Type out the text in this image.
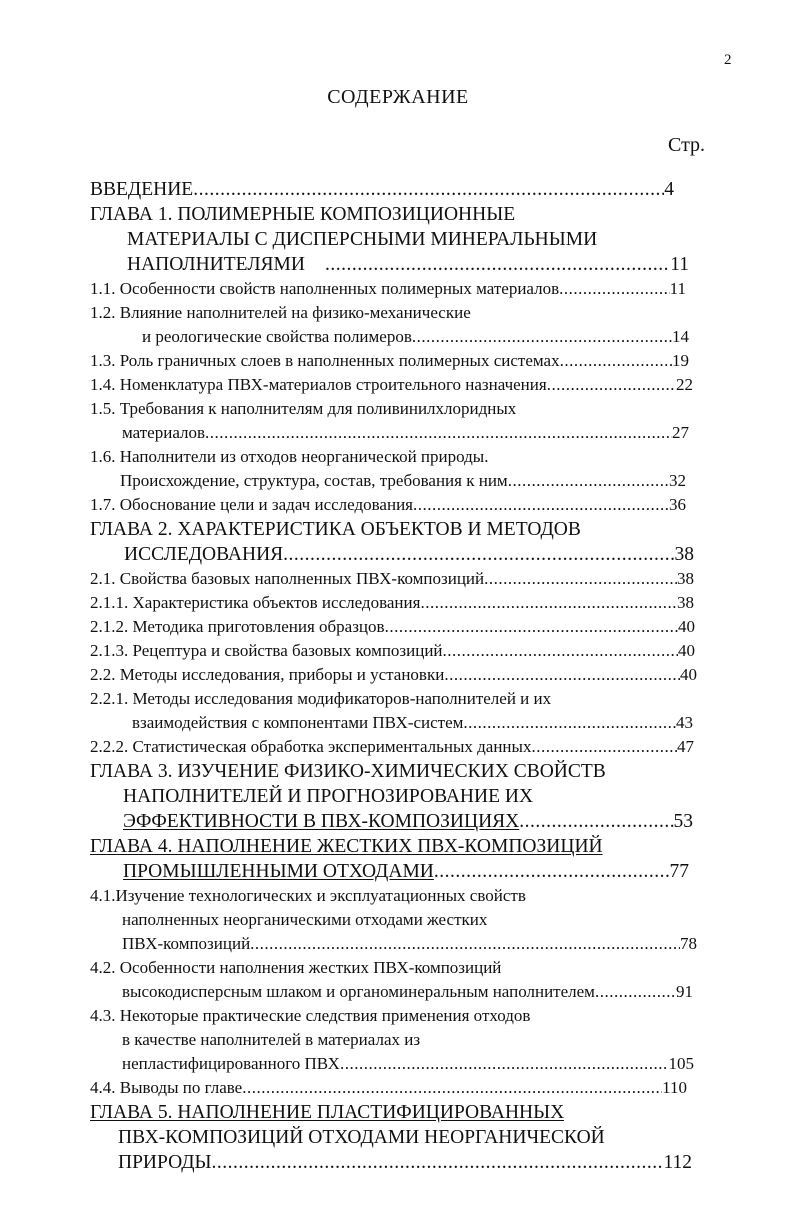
2
СОДЕРЖАНИЕ
Стр.
ВВЕДЕНИЕ .....	4
ГЛАВА 1. ПОЛИМЕРНЫЕ КОМПОЗИЦИОННЫЕ
МАТЕРИАЛЫ С ДИСПЕРСНЫМИ МИНЕРАЛЬНЫМИ
НАПОЛНИТЕЛЯМИ .....	11
1.1. Особенности свойств наполненных полимерных материалов .....	11
1.2. Влияние наполнителей на физико-механические
и реологические свойства полимеров .....	14
1.3. Роль граничных слоев в наполненных полимерных системах .....	19
1.4. Номенклатура ПВХ-материалов строительного назначения .....	22
1.5. Требования к наполнителям для поливинилхлоридных
материалов .....	27
1.6. Наполнители из отходов неорганической природы.
Происхождение, структура, состав, требования к ним .....	32
1.7. Обоснование цели и задач исследования .....	36
ГЛАВА 2. ХАРАКТЕРИСТИКА ОБЪЕКТОВ И МЕТОДОВ
ИССЛЕДОВАНИЯ .....	38
2.1. Свойства базовых наполненных ПВХ-композиций .....	38
2.1.1. Характеристика объектов исследования .....	38
2.1.2. Методика приготовления образцов .....	40
2.1.3. Рецептура и свойства базовых композиций .....	40
2.2. Методы исследования, приборы и установки .....	40
2.2.1. Методы исследования модификаторов-наполнителей и их
взаимодействия с компонентами ПВХ-систем .....	43
2.2.2. Статистическая обработка экспериментальных данных .....	47
ГЛАВА 3. ИЗУЧЕНИЕ ФИЗИКО-ХИМИЧЕСКИХ СВОЙСТВ
НАПОЛНИТЕЛЕЙ И ПРОГНОЗИРОВАНИЕ ИХ
ЭФФЕКТИВНОСТИ В ПВХ-КОМПОЗИЦИЯХ .....	53
ГЛАВА 4. НАПОЛНЕНИЕ ЖЕСТКИХ ПВХ-КОМПОЗИЦИЙ
ПРОМЫШЛЕННЫМИ ОТХОДАМИ .....	77
4.1.Изучение технологических и эксплуатационных свойств
наполненных неорганическими отходами жестких
ПВХ-композиций .....	78
4.2. Особенности наполнения жестких ПВХ-композиций
высокодисперсным шлаком и органоминеральным наполнителем .....	91
4.3. Некоторые практические следствия применения отходов
в качестве наполнителей в материалах из
непластифицированного ПВХ .....	105
4.4. Выводы по главе .....	110
ГЛАВА 5. НАПОЛНЕНИЕ ПЛАСТИФИЦИРОВАННЫХ
ПВХ-КОМПОЗИЦИЙ ОТХОДАМИ НЕОРГАНИЧЕСКОЙ
ПРИРОДЫ .....	112
